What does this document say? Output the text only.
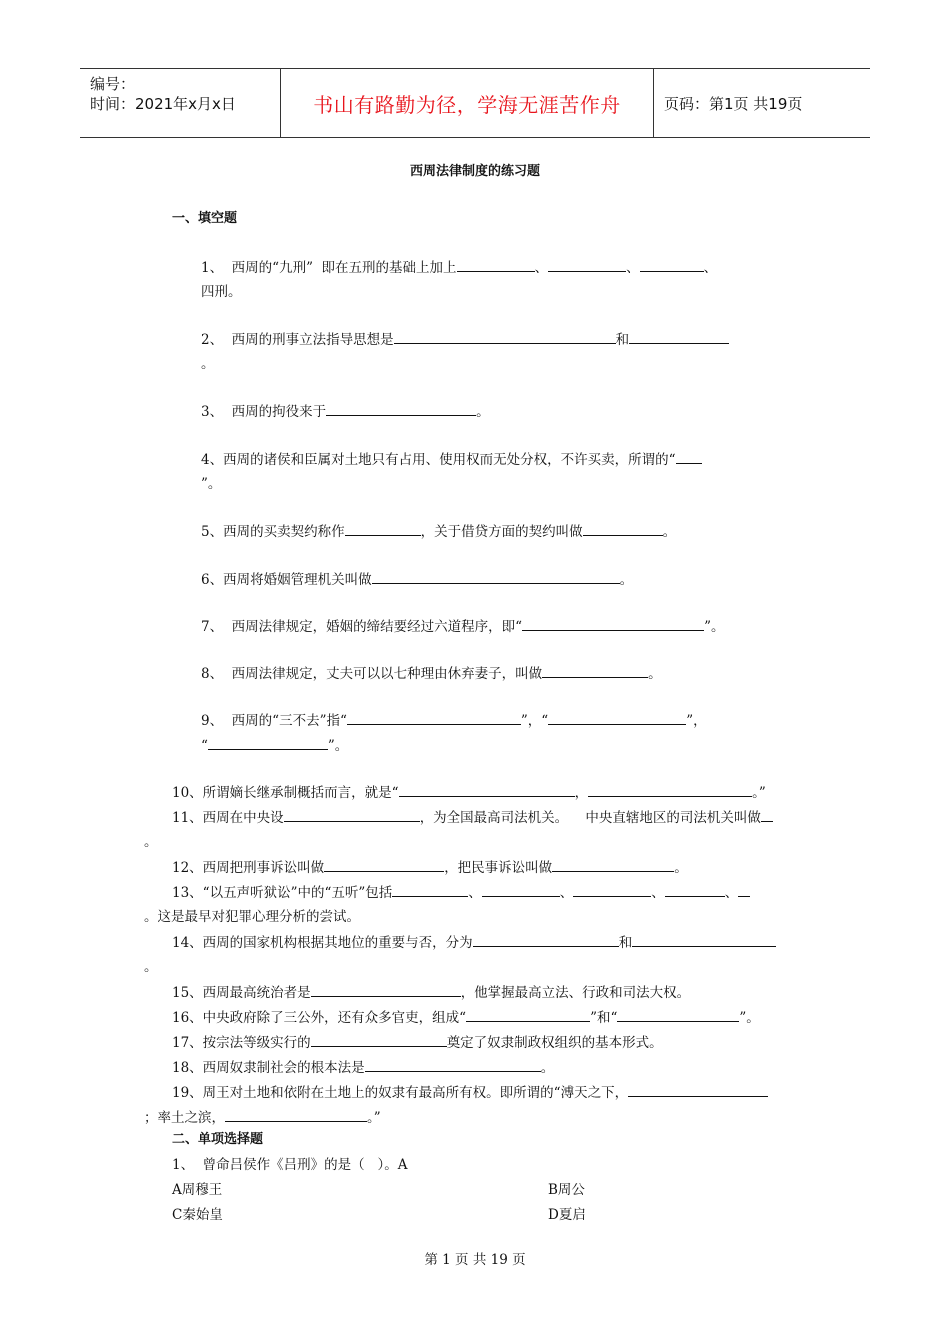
编号：
时间：2021年x月x日	书山有路勤为径，学海无涯苦作舟	页码：第1页 共19页
西周法律制度的练习题
一、填空题
1、  西周的“九刑”  即在五刑的基础上加上	、	、	、
四刑。
2、  西周的刑事立法指导思想是	和
。
3、  西周的拘役来于	。
4、西周的诸侯和臣属对土地只有占用、使用权而无处分权，不许买卖，所谓的“
”。
5、西周的买卖契约称作	，关于借贷方面的契约叫做	。
6、西周将婚姻管理机关叫做	。
7、  西周法律规定，婚姻的缔结要经过六道程序，即“	”。
8、  西周法律规定，丈夫可以以七种理由休弃妻子，叫做	。
9、  西周的“三不去”指“	”，“	”，
“	”。
10、所谓嫡长继承制概括而言，就是“	，	。”
11、西周在中央设	，为全国最高司法机关。    中央直辖地区的司法机关叫做
。
12、西周把刑事诉讼叫做	，把民事诉讼叫做	。
13、“以五声听狱讼”中的“五听”包括	、	、	、	、
。这是最早对犯罪心理分析的尝试。
14、西周的国家机构根据其地位的重要与否，分为	和
。
15、西周最高统治者是	，他掌握最高立法、行政和司法大权。
16、中央政府除了三公外，还有众多官吏，组成“	”和“	”。
17、按宗法等级实行的	奠定了奴隶制政权组织的基本形式。
18、西周奴隶制社会的根本法是	。
19、周王对土地和依附在土地上的奴隶有最高所有权。即所谓的“溥天之下，
；率土之滨，	。”
二、单项选择题
1、  曾命吕侯作《吕刑》的是（   ）。A
A周穆王	B周公
C秦始皇	D夏启
第 1 页 共 19 页
